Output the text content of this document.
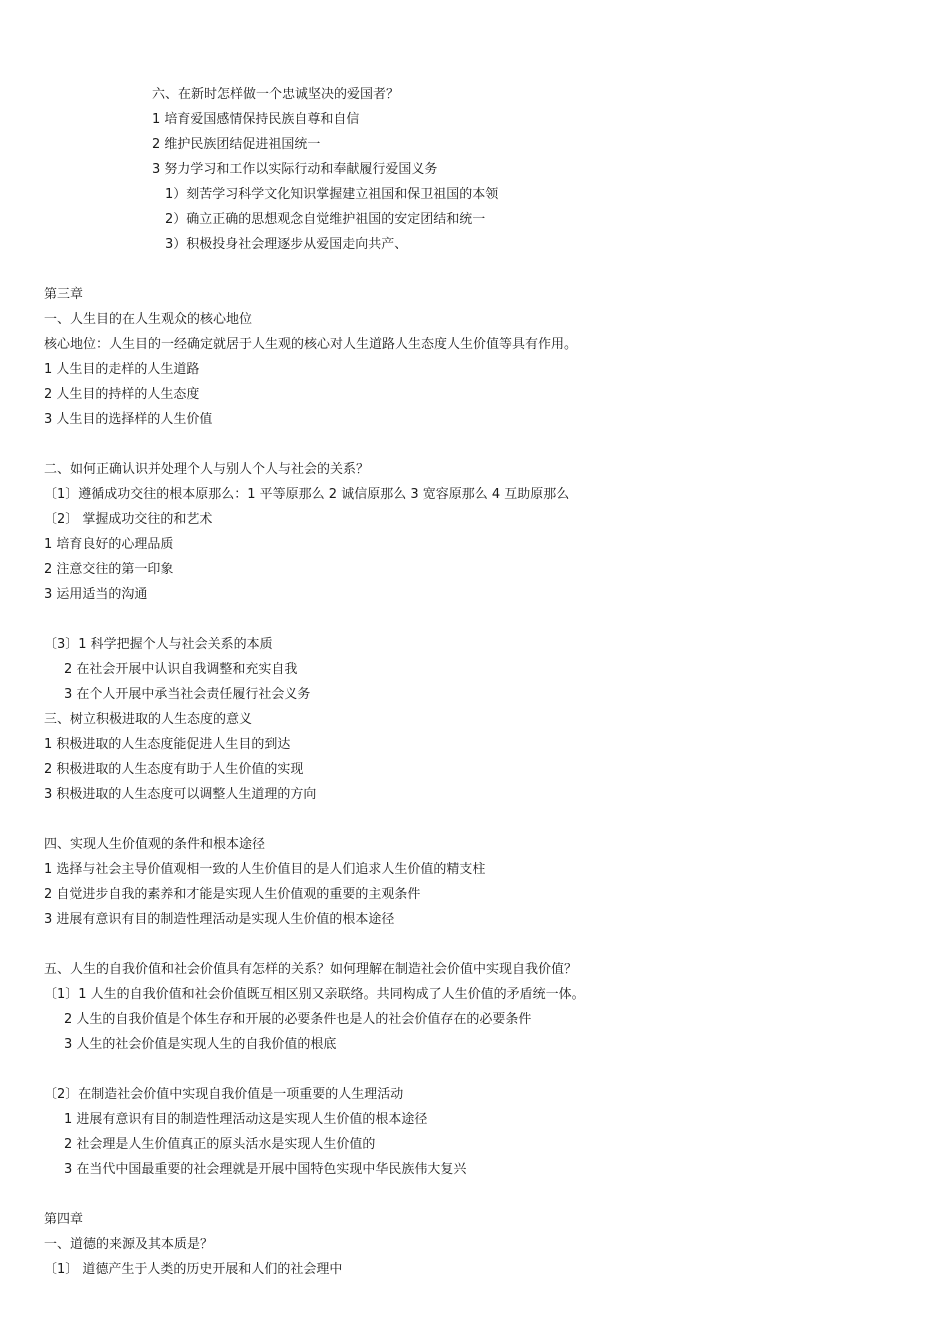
六、在新时怎样做一个忠诚坚决的爱国者？
1 培育爱国感情保持民族自尊和自信
2 维护民族团结促进祖国统一
3 努力学习和工作以实际行动和奉献履行爱国义务
1）刻苦学习科学文化知识掌握建立祖国和保卫祖国的本领
2）确立正确的思想观念自觉维护祖国的安定团结和统一
3）积极投身社会理逐步从爱国走向共产、
第三章
一、人生目的在人生观众的核心地位
核心地位：人生目的一经确定就居于人生观的核心对人生道路人生态度人生价值等具有作用。
1 人生目的走样的人生道路
2 人生目的持样的人生态度
3 人生目的选择样的人生价值
二、如何正确认识并处理个人与别人个人与社会的关系？
〔1〕遵循成功交往的根本原那么：1 平等原那么 2 诚信原那么 3 宽容原那么 4 互助原那么
〔2〕 掌握成功交往的和艺术
1 培育良好的心理品质
2 注意交往的第一印象
3 运用适当的沟通
〔3〕1 科学把握个人与社会关系的本质
2 在社会开展中认识自我调整和充实自我
3 在个人开展中承当社会责任履行社会义务
三、树立积极进取的人生态度的意义
1 积极进取的人生态度能促进人生目的到达
2 积极进取的人生态度有助于人生价值的实现
3 积极进取的人生态度可以调整人生道理的方向
四、实现人生价值观的条件和根本途径
1 选择与社会主导价值观相一致的人生价值目的是人们追求人生价值的精支柱
2 自觉进步自我的素养和才能是实现人生价值观的重要的主观条件
3 进展有意识有目的制造性理活动是实现人生价值的根本途径
五、人生的自我价值和社会价值具有怎样的关系？如何理解在制造社会价值中实现自我价值？
〔1〕1 人生的自我价值和社会价值既互相区别又亲联络。共同构成了人生价值的矛盾统一体。
2 人生的自我价值是个体生存和开展的必要条件也是人的社会价值存在的必要条件
3 人生的社会价值是实现人生的自我价值的根底
〔2〕在制造社会价值中实现自我价值是一项重要的人生理活动
1 进展有意识有目的制造性理活动这是实现人生价值的根本途径
2 社会理是人生价值真正的原头活水是实现人生价值的
3 在当代中国最重要的社会理就是开展中国特色实现中华民族伟大复兴
第四章
一、道德的来源及其本质是？
〔1〕 道德产生于人类的历史开展和人们的社会理中
